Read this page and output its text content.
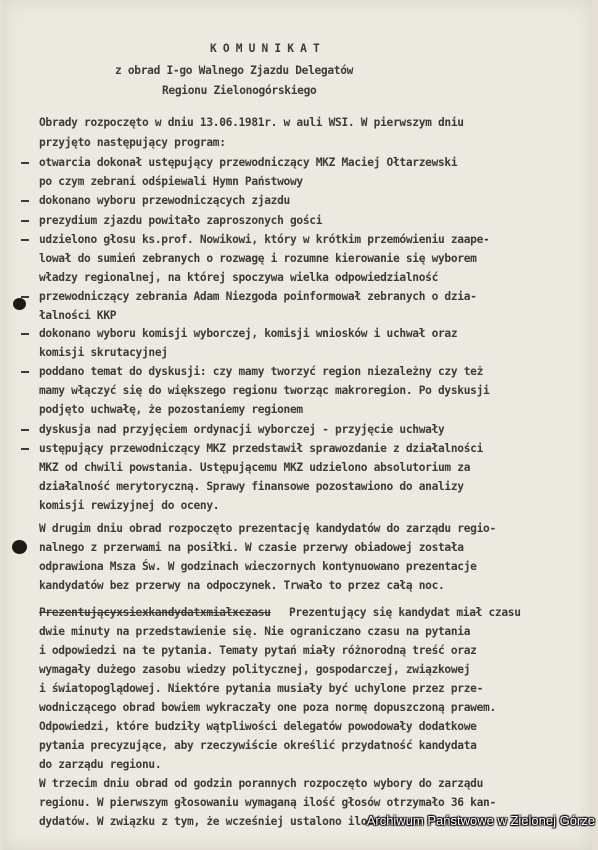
K O M U N I K A T
z obrad I-go Walnego Zjazdu Delegatów
Regionu Zielonogórskiego
Obrady rozpoczęto w dniu 13.06.1981r. w auli WSI. W pierwszym dniu
przyjęto następujący program:
otwarcia dokonał ustępujący przewodniczący MKZ Maciej Ołtarzewski
po czym zebrani odśpiewali Hymn Państwowy
dokonano wyboru przewodniczących zjazdu
prezydium zjazdu powitało zaproszonych gości
udzielono głosu ks.prof. Nowikowi, który w krótkim przemówieniu zaape-
lował do sumień zebranych o rozwagę i rozumne kierowanie się wyborem
władzy regionalnej, na której spoczywa wielka odpowiedzialność
przewodniczący zebrania Adam Niezgoda poinformował zebranych o dzia-
łalności KKP
dokonano wyboru komisji wyborczej, komisji wniosków i uchwał oraz
komisji skrutacyjnej
poddano temat do dyskusji: czy mamy tworzyć region niezależny czy też
mamy włączyć się do większego regionu tworząc makroregion. Po dyskusji
podjęto uchwałę, że pozostaniemy regionem
dyskusja nad przyjęciem ordynacji wyborczej - przyjęcie uchwały
ustępujący przewodniczący MKZ przedstawił sprawozdanie z działalności
MKZ od chwili powstania. Ustępującemu MKZ udzielono absolutorium za
działalność merytoryczną. Sprawy finansowe pozostawiono do analizy
komisji rewizyjnej do oceny.
W drugim dniu obrad rozpoczęto prezentację kandydatów do zarządu regio-
nalnego z przerwami na posiłki. W czasie przerwy obiadowej została
odprawiona Msza Św. W godzinach wieczornych kontynuowano prezentacje
kandydatów bez przerwy na odpoczynek. Trwało to przez całą noc.
Prezentującyxsiexkandydatxmiałxczasu Prezentujący się kandydat miał czasu
dwie minuty na przedstawienie się. Nie ograniczano czasu na pytania
i odpowiedzi na te pytania. Tematy pytań miały różnorodną treść oraz
wymagały dużego zasobu wiedzy politycznej, gospodarczej, związkowej
i światopoglądowej. Niektóre pytania musiały być uchylone przez prze-
wodniczącego obrad bowiem wykraczały one poza normę dopuszczoną prawem.
Odpowiedzi, które budziły wątpliwości delegatów powodowały dodatkowe
pytania precyzujące, aby rzeczywiście określić przydatność kandydata
do zarządu regionu.
W trzecim dniu obrad od godzin porannych rozpoczęto wybory do zarządu
regionu. W pierwszym głosowaniu wymaganą ilość głosów otrzymało 36 kan-
dydatów. W związku z tym, że wcześniej ustalono ilość
Archiwum Państwowe w Zielonej Górze
